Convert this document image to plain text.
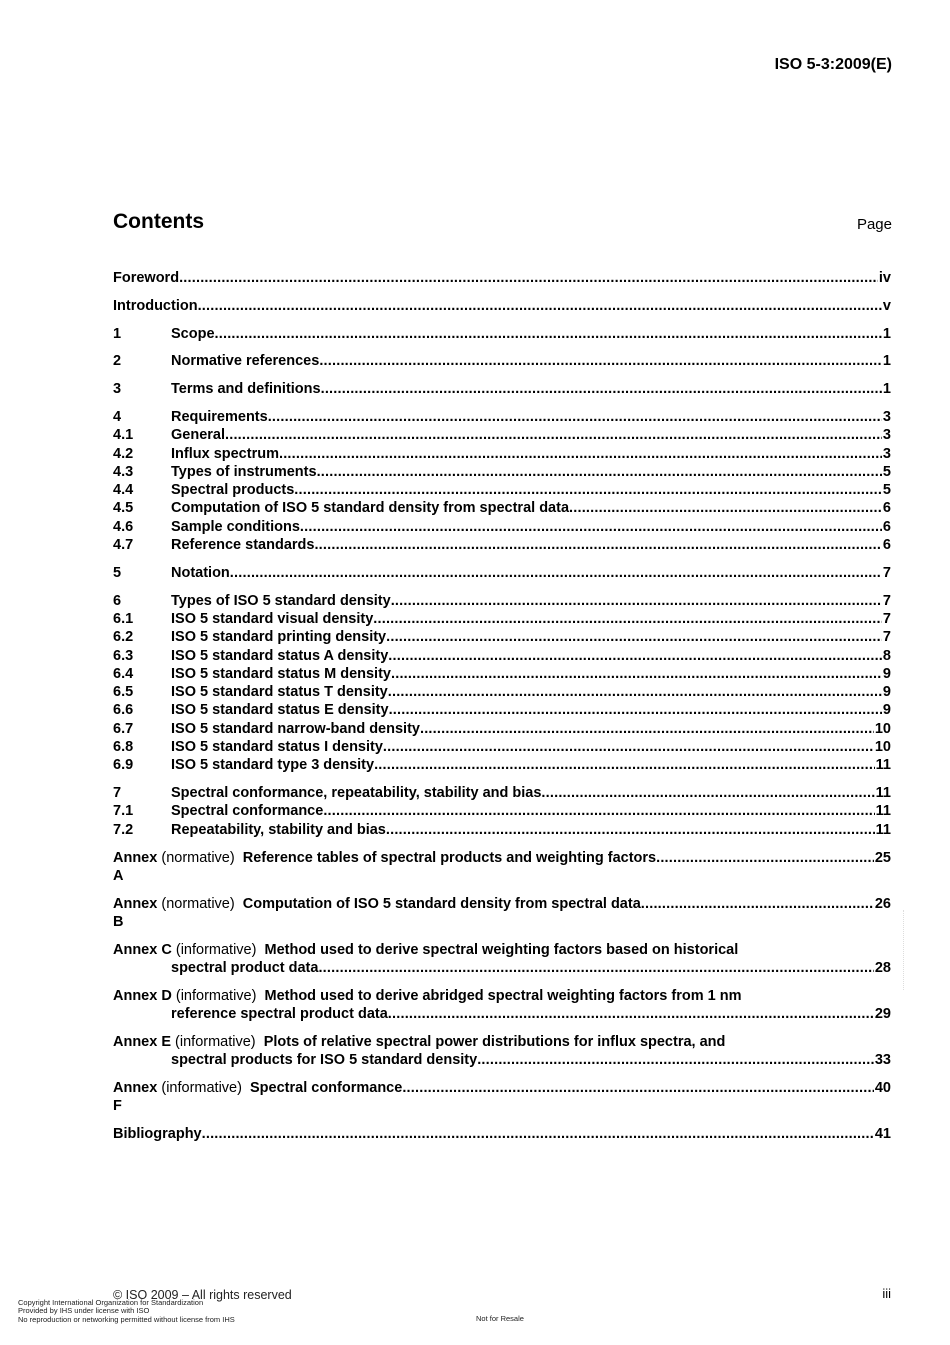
ISO 5-3:2009(E)
Contents	Page
Foreword .....	iv
Introduction .....	v
1	Scope .....	1
2	Normative references .....	1
3	Terms and definitions .....	1
4	Requirements .....	3
4.1	General .....	3
4.2	Influx spectrum .....	3
4.3	Types of instruments .....	5
4.4	Spectral products .....	5
4.5	Computation of ISO 5 standard density from spectral data .....	6
4.6	Sample conditions .....	6
4.7	Reference standards .....	6
5	Notation .....	7
6	Types of ISO 5 standard density .....	7
6.1	ISO 5 standard visual density .....	7
6.2	ISO 5 standard printing density .....	7
6.3	ISO 5 standard status A density .....	8
6.4	ISO 5 standard status M density .....	9
6.5	ISO 5 standard status T density .....	9
6.6	ISO 5 standard status E density .....	9
6.7	ISO 5 standard narrow-band density .....	10
6.8	ISO 5 standard status I density .....	10
6.9	ISO 5 standard type 3 density .....	11
7	Spectral conformance, repeatability, stability and bias .....	11
7.1	Spectral conformance .....	11
7.2	Repeatability, stability and bias .....	11
Annex A

(normative)
Reference tables of spectral products and weighting factors .....	25
Annex B

(normative)
Computation of ISO 5 standard density from spectral data .....	26
Annex C
(informative)
Method used to derive spectral weighting factors based on historical
spectral product data .....	28
Annex D
(informative)
Method used to derive abridged spectral weighting factors from 1 nm
reference spectral product data .....	29
Annex E
(informative)
Plots of relative spectral power distributions for influx spectra, and
spectral products for ISO 5 standard density .....	33
Annex F

(informative)
Spectral conformance .....	40
Bibliography .....	41
© ISO 2009 – All rights reserved	iii
Copyright International Organization for Standardization
Provided by IHS under license with ISO
No reproduction or networking permitted without license from IHS	Not for Resale
